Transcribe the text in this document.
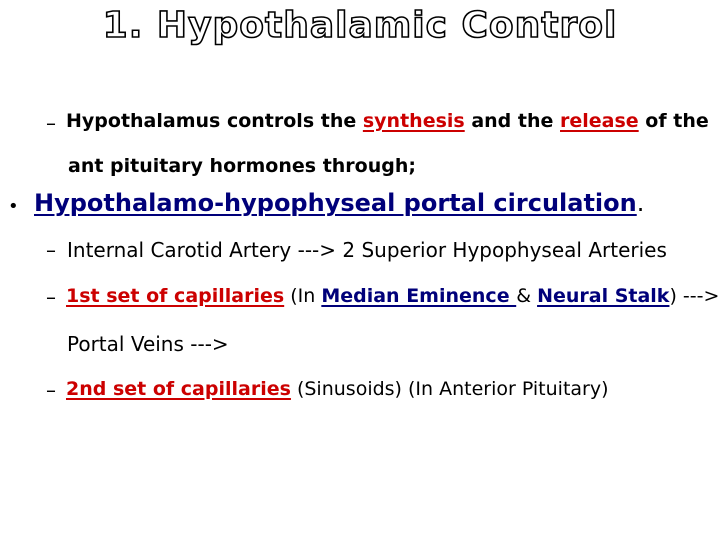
1. Hypothalamic Control
– Hypothalamus controls the synthesis and the release of the
ant pituitary hormones through;
• Hypothalamo-hypophyseal portal circulation.
– Internal Carotid Artery ---> 2 Superior Hypophyseal Arteries
– 1st set of capillaries (In Median Eminence & Neural Stalk) --->
Portal Veins --->
– 2nd set of capillaries (Sinusoids) (In Anterior Pituitary)
